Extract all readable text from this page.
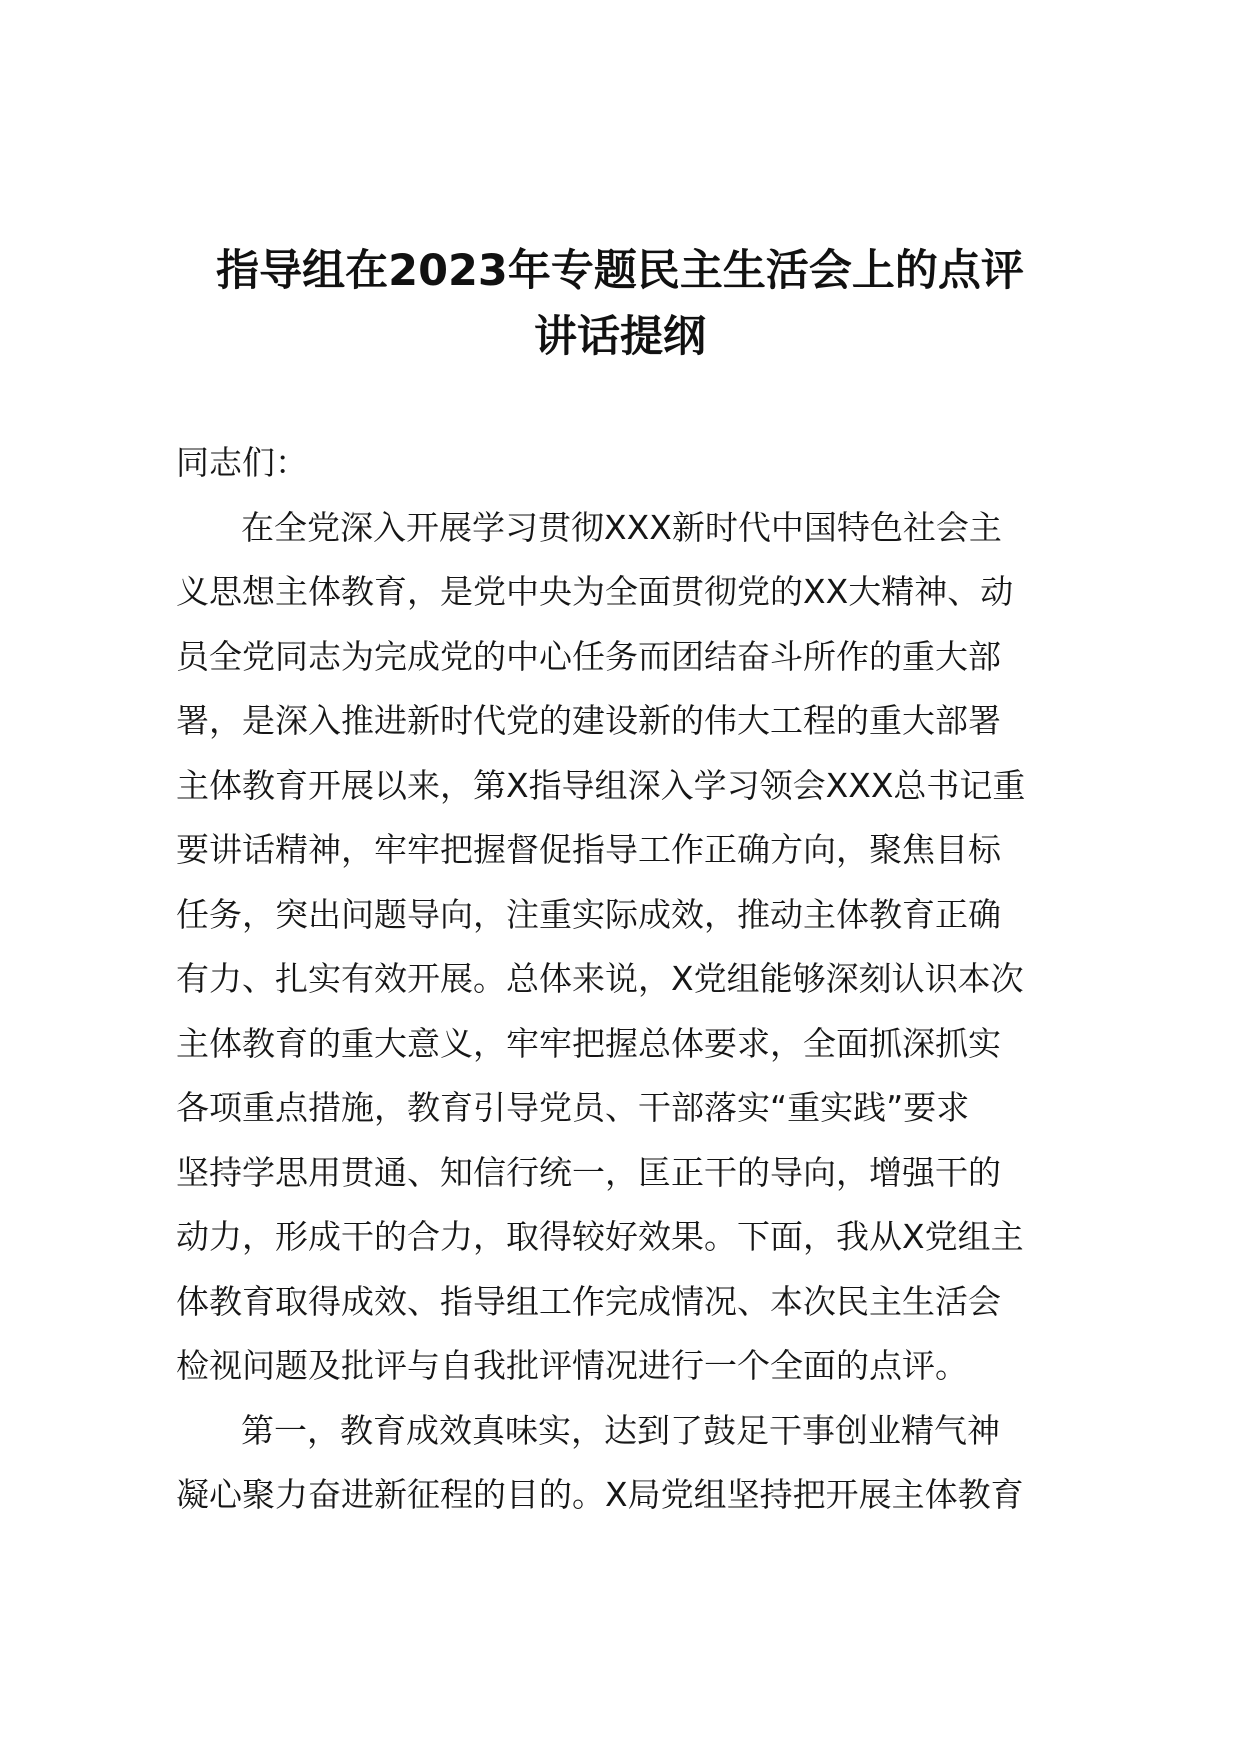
指导组在2023年专题民主生活会上的点评
讲话提纲
同志们：
在全党深入开展学习贯彻XXX新时代中国特色社会主
义思想主体教育，是党中央为全面贯彻党的XX大精神、动
员全党同志为完成党的中心任务而团结奋斗所作的重大部
署，是深入推进新时代党的建设新的伟大工程的重大部署
主体教育开展以来，第X指导组深入学习领会XXX总书记重
要讲话精神，牢牢把握督促指导工作正确方向，聚焦目标
任务，突出问题导向，注重实际成效，推动主体教育正确
有力、扎实有效开展。总体来说，X党组能够深刻认识本次
主体教育的重大意义，牢牢把握总体要求，全面抓深抓实
各项重点措施，教育引导党员、干部落实“重实践”要求
坚持学思用贯通、知信行统一，匡正干的导向，增强干的
动力，形成干的合力，取得较好效果。下面，我从X党组主
体教育取得成效、指导组工作完成情况、本次民主生活会
检视问题及批评与自我批评情况进行一个全面的点评。
第一，教育成效真味实，达到了鼓足干事创业精气神
凝心聚力奋进新征程的目的。X局党组坚持把开展主体教育
